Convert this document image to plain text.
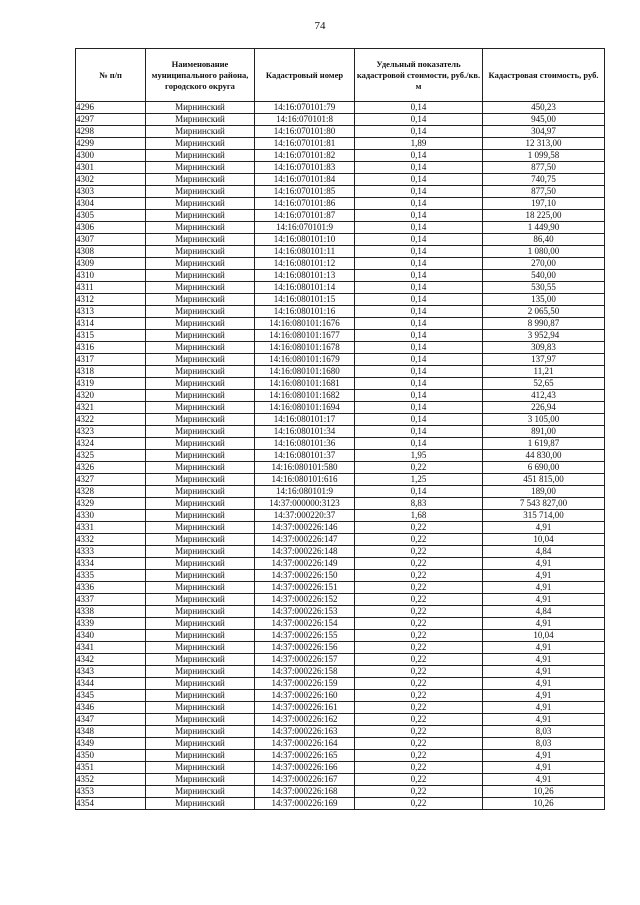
74
№ п/п	Наименование муниципального района, городского округа	Кадастровый номер	Удельный показатель кадастровой стоимости, руб./кв. м	Кадастровая стоимость, руб.
4296	Мирнинский	14:16:070101:79	0,14	450,23
4297	Мирнинский	14:16:070101:8	0,14	945,00
4298	Мирнинский	14:16:070101:80	0,14	304,97
4299	Мирнинский	14:16:070101:81	1,89	12 313,00
4300	Мирнинский	14:16:070101:82	0,14	1 099,58
4301	Мирнинский	14:16:070101:83	0,14	877,50
4302	Мирнинский	14:16:070101:84	0,14	740,75
4303	Мирнинский	14:16:070101:85	0,14	877,50
4304	Мирнинский	14:16:070101:86	0,14	197,10
4305	Мирнинский	14:16:070101:87	0,14	18 225,00
4306	Мирнинский	14:16:070101:9	0,14	1 449,90
4307	Мирнинский	14:16:080101:10	0,14	86,40
4308	Мирнинский	14:16:080101:11	0,14	1 080,00
4309	Мирнинский	14:16:080101:12	0,14	270,00
4310	Мирнинский	14:16:080101:13	0,14	540,00
4311	Мирнинский	14:16:080101:14	0,14	530,55
4312	Мирнинский	14:16:080101:15	0,14	135,00
4313	Мирнинский	14:16:080101:16	0,14	2 065,50
4314	Мирнинский	14:16:080101:1676	0,14	8 990,87
4315	Мирнинский	14:16:080101:1677	0,14	3 952,94
4316	Мирнинский	14:16:080101:1678	0,14	309,83
4317	Мирнинский	14:16:080101:1679	0,14	137,97
4318	Мирнинский	14:16:080101:1680	0,14	11,21
4319	Мирнинский	14:16:080101:1681	0,14	52,65
4320	Мирнинский	14:16:080101:1682	0,14	412,43
4321	Мирнинский	14:16:080101:1694	0,14	226,94
4322	Мирнинский	14:16:080101:17	0,14	3 105,00
4323	Мирнинский	14:16:080101:34	0,14	891,00
4324	Мирнинский	14:16:080101:36	0,14	1 619,87
4325	Мирнинский	14:16:080101:37	1,95	44 830,00
4326	Мирнинский	14:16:080101:580	0,22	6 690,00
4327	Мирнинский	14:16:080101:616	1,25	451 815,00
4328	Мирнинский	14:16:080101:9	0,14	189,00
4329	Мирнинский	14:37:000000:3123	8,83	7 543 827,00
4330	Мирнинский	14:37:000220:37	1,68	315 714,00
4331	Мирнинский	14:37:000226:146	0,22	4,91
4332	Мирнинский	14:37:000226:147	0,22	10,04
4333	Мирнинский	14:37:000226:148	0,22	4,84
4334	Мирнинский	14:37:000226:149	0,22	4,91
4335	Мирнинский	14:37:000226:150	0,22	4,91
4336	Мирнинский	14:37:000226:151	0,22	4,91
4337	Мирнинский	14:37:000226:152	0,22	4,91
4338	Мирнинский	14:37:000226:153	0,22	4,84
4339	Мирнинский	14:37:000226:154	0,22	4,91
4340	Мирнинский	14:37:000226:155	0,22	10,04
4341	Мирнинский	14:37:000226:156	0,22	4,91
4342	Мирнинский	14:37:000226:157	0,22	4,91
4343	Мирнинский	14:37:000226:158	0,22	4,91
4344	Мирнинский	14:37:000226:159	0,22	4,91
4345	Мирнинский	14:37:000226:160	0,22	4,91
4346	Мирнинский	14:37:000226:161	0,22	4,91
4347	Мирнинский	14:37:000226:162	0,22	4,91
4348	Мирнинский	14:37:000226:163	0,22	8,03
4349	Мирнинский	14:37:000226:164	0,22	8,03
4350	Мирнинский	14:37:000226:165	0,22	4,91
4351	Мирнинский	14:37:000226:166	0,22	4,91
4352	Мирнинский	14:37:000226:167	0,22	4,91
4353	Мирнинский	14:37:000226:168	0,22	10,26
4354	Мирнинский	14:37:000226:169	0,22	10,26
